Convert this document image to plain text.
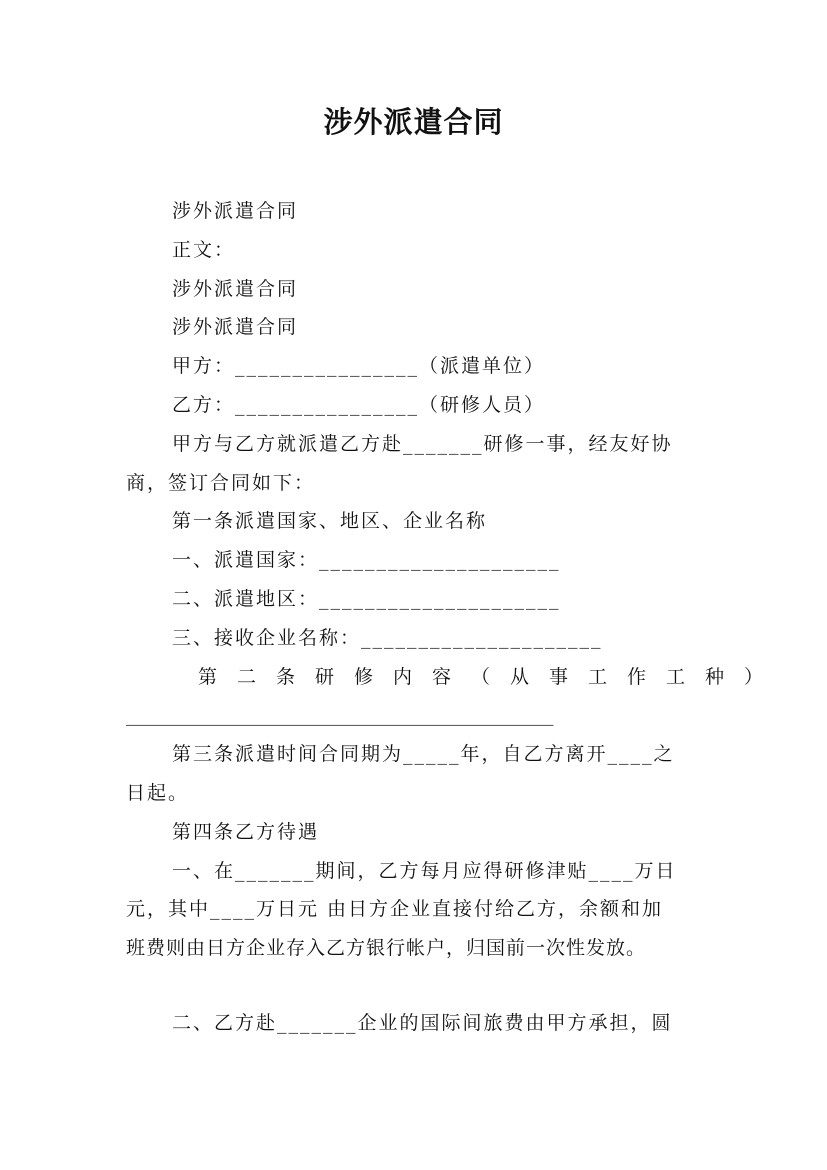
涉外派遣合同
涉外派遣合同
正文：
涉外派遣合同
涉外派遣合同
甲方：________________（派遣单位）
乙方：________________（研修人员）
甲方与乙方就派遣乙方赴_______研修一事，经友好协
商，签订合同如下：
第一条派遣国家、地区、企业名称
一、派遣国家：_____________________
二、派遣地区：_____________________
三、接收企业名称：_____________________
第二条研修内容（从事工作工种）
_____________________________________________
第三条派遣时间合同期为_____年，自乙方离开____之
日起。
第四条乙方待遇
一、在_______期间，乙方每月应得研修津贴____万日
元，其中____万日元 由日方企业直接付给乙方，余额和加
班费则由日方企业存入乙方银行帐户，归国前一次性发放。
二、乙方赴_______企业的国际间旅费由甲方承担，圆
